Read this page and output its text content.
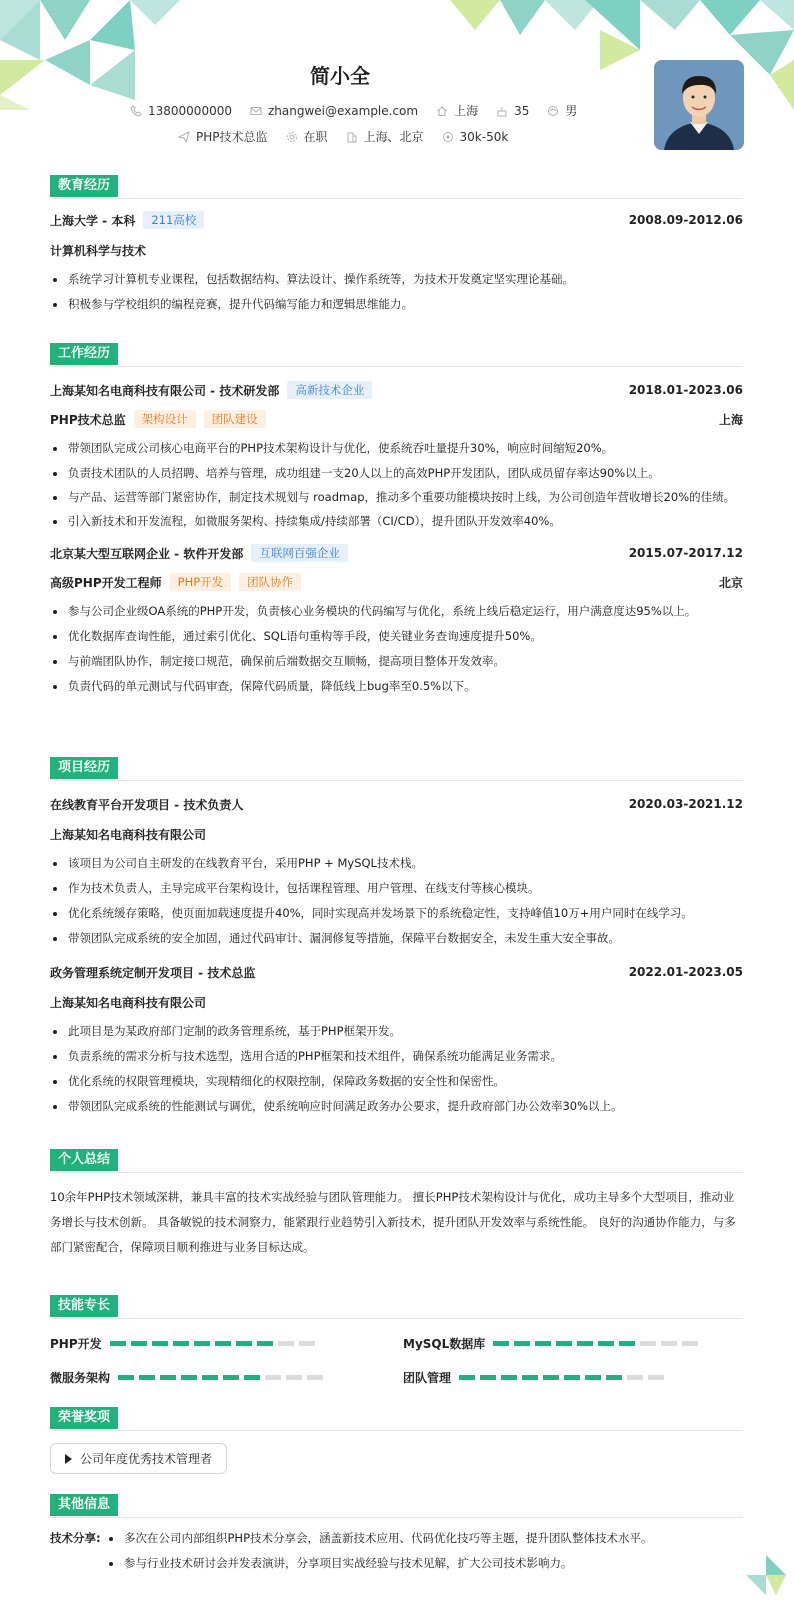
简小全
13800000000	zhangwei@example.com	上海	35	男
PHP技术总监	在职	上海、北京	30k-50k
教育经历
上海大学 - 本科	211高校	2008.09-2012.06
计算机科学与技术
系统学习计算机专业课程，包括数据结构、算法设计、操作系统等，为技术开发奠定坚实理论基础。
积极参与学校组织的编程竞赛，提升代码编写能力和逻辑思维能力。
工作经历
上海某知名电商科技有限公司 - 技术研发部	高新技术企业	2018.01-2023.06
PHP技术总监	架构设计	团队建设	上海
带领团队完成公司核心电商平台的PHP技术架构设计与优化，使系统吞吐量提升30%，响应时间缩短20%。
负责技术团队的人员招聘、培养与管理，成功组建一支20人以上的高效PHP开发团队，团队成员留存率达90%以上。
与产品、运营等部门紧密协作，制定技术规划与 roadmap，推动多个重要功能模块按时上线，为公司创造年营收增长20%的佳绩。
引入新技术和开发流程，如微服务架构、持续集成/持续部署（CI/CD），提升团队开发效率40%。
北京某大型互联网企业 - 软件开发部	互联网百强企业	2015.07-2017.12
高级PHP开发工程师	PHP开发	团队协作	北京
参与公司企业级OA系统的PHP开发，负责核心业务模块的代码编写与优化，系统上线后稳定运行，用户满意度达95%以上。
优化数据库查询性能，通过索引优化、SQL语句重构等手段，使关键业务查询速度提升50%。
与前端团队协作，制定接口规范，确保前后端数据交互顺畅，提高项目整体开发效率。
负责代码的单元测试与代码审查，保障代码质量，降低线上bug率至0.5%以下。
项目经历
在线教育平台开发项目 - 技术负责人	2020.03-2021.12
上海某知名电商科技有限公司
该项目为公司自主研发的在线教育平台，采用PHP + MySQL技术栈。
作为技术负责人，主导完成平台架构设计，包括课程管理、用户管理、在线支付等核心模块。
优化系统缓存策略，使页面加载速度提升40%，同时实现高并发场景下的系统稳定性，支持峰值10万+用户同时在线学习。
带领团队完成系统的安全加固，通过代码审计、漏洞修复等措施，保障平台数据安全，未发生重大安全事故。
政务管理系统定制开发项目 - 技术总监	2022.01-2023.05
上海某知名电商科技有限公司
此项目是为某政府部门定制的政务管理系统，基于PHP框架开发。
负责系统的需求分析与技术选型，选用合适的PHP框架和技术组件，确保系统功能满足业务需求。
优化系统的权限管理模块，实现精细化的权限控制，保障政务数据的安全性和保密性。
带领团队完成系统的性能测试与调优，使系统响应时间满足政务办公要求，提升政府部门办公效率30%以上。
个人总结
10余年PHP技术领域深耕，兼具丰富的技术实战经验与团队管理能力。 擅长PHP技术架构设计与优化，成功主导多个大型项目，推动业务增长与技术创新。 具备敏锐的技术洞察力，能紧跟行业趋势引入新技术，提升团队开发效率与系统性能。 良好的沟通协作能力，与多部门紧密配合，保障项目顺利推进与业务目标达成。
技能专长
PHP开发	MySQL数据库
微服务架构	团队管理
荣誉奖项
公司年度优秀技术管理者
其他信息
技术分享:	多次在公司内部组织PHP技术分享会，涵盖新技术应用、代码优化技巧等主题，提升团队整体技术水平。
参与行业技术研讨会并发表演讲，分享项目实战经验与技术见解，扩大公司技术影响力。
